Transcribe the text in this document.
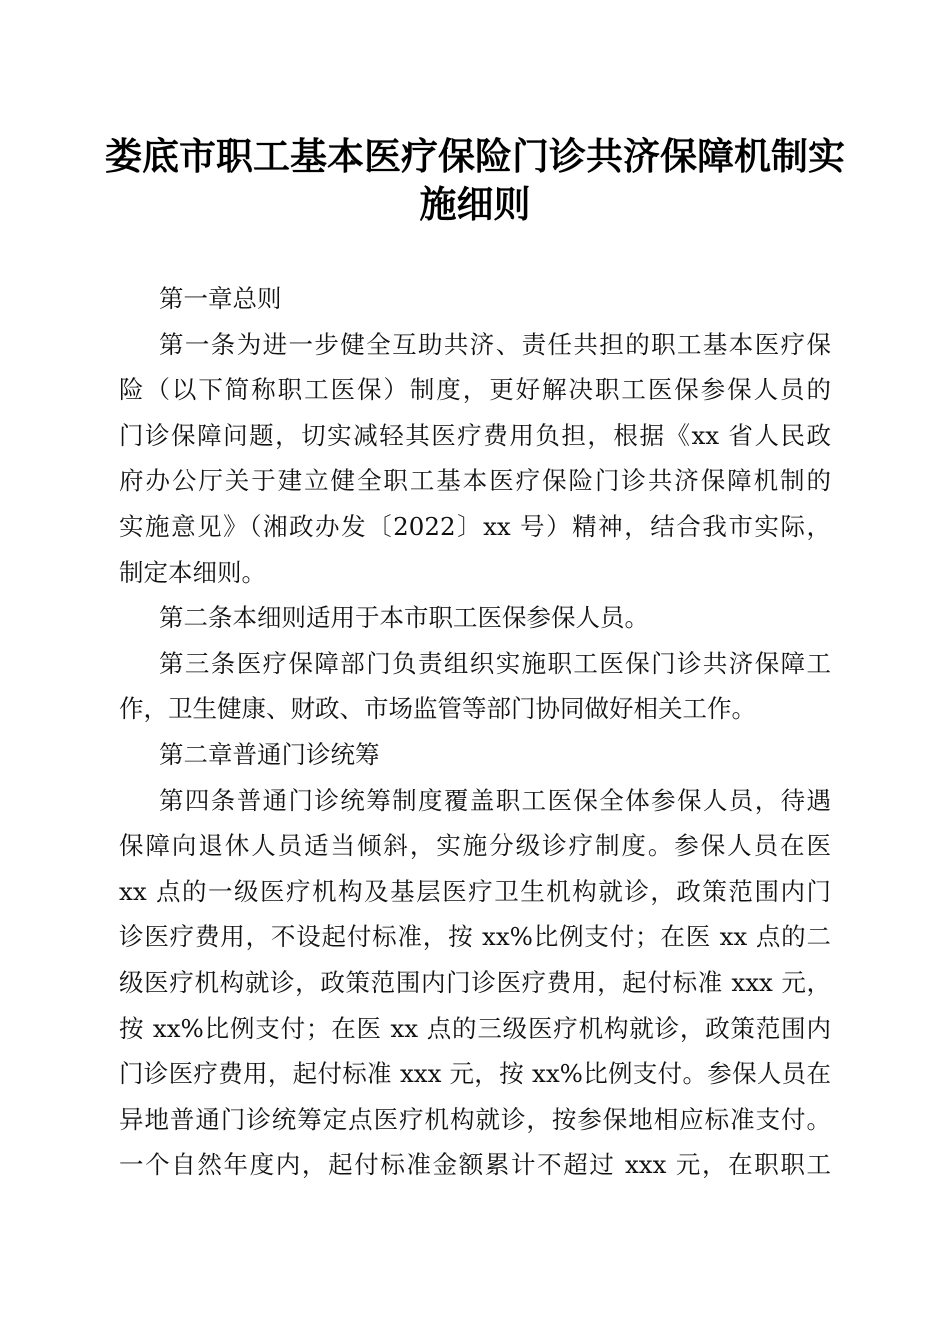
娄底市职工基本医疗保险门诊共济保障机制实
施细则
第一章总则
第一条为进一步健全互助共济、责任共担的职工基本医疗保
险（以下简称职工医保）制度，更好解决职工医保参保人员的
门诊保障问题，切实减轻其医疗费用负担，根据《xx 省人民政
府办公厅关于建立健全职工基本医疗保险门诊共济保障机制的
实施意见》（湘政办发〔2022〕xx 号）精神，结合我市实际，
制定本细则。
第二条本细则适用于本市职工医保参保人员。
第三条医疗保障部门负责组织实施职工医保门诊共济保障工
作，卫生健康、财政、市场监管等部门协同做好相关工作。
第二章普通门诊统筹
第四条普通门诊统筹制度覆盖职工医保全体参保人员，待遇
保障向退休人员适当倾斜，实施分级诊疗制度。参保人员在医
xx 点的一级医疗机构及基层医疗卫生机构就诊，政策范围内门
诊医疗费用，不设起付标准，按 xx%比例支付；在医 xx 点的二
级医疗机构就诊，政策范围内门诊医疗费用，起付标准 xxx 元，
按 xx%比例支付；在医 xx 点的三级医疗机构就诊，政策范围内
门诊医疗费用，起付标准 xxx 元，按 xx%比例支付。参保人员在
异地普通门诊统筹定点医疗机构就诊，按参保地相应标准支付。
一个自然年度内，起付标准金额累计不超过 xxx 元，在职职工
